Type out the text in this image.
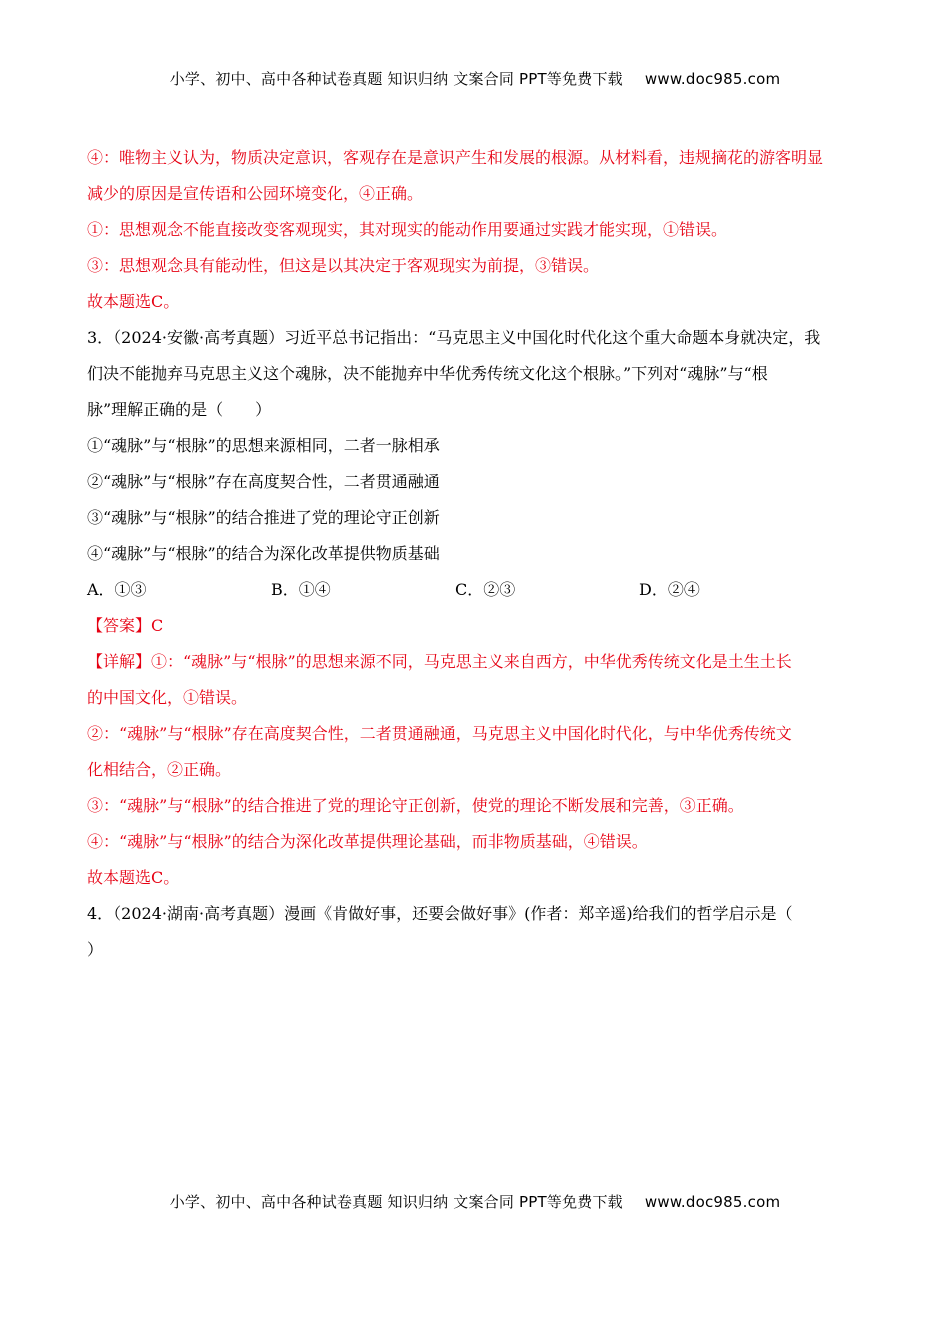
小学、初中、高中各种试卷真题 知识归纳 文案合同 PPT等免费下载 www.doc985.com
④：唯物主义认为，物质决定意识，客观存在是意识产生和发展的根源。从材料看，违规摘花的游客明显
减少的原因是宣传语和公园环境变化，④正确。
①：思想观念不能直接改变客观现实，其对现实的能动作用要通过实践才能实现，①错误。
③：思想观念具有能动性，但这是以其决定于客观现实为前提，③错误。
故本题选C。
3．（2024·安徽·高考真题）习近平总书记指出：“马克思主义中国化时代化这个重大命题本身就决定，我
们决不能抛弃马克思主义这个魂脉，决不能抛弃中华优秀传统文化这个根脉。”下列对“魂脉”与“根
脉”理解正确的是（　　）
①“魂脉”与“根脉”的思想来源相同，二者一脉相承
②“魂脉”与“根脉”存在高度契合性，二者贯通融通
③“魂脉”与“根脉”的结合推进了党的理论守正创新
④“魂脉”与“根脉”的结合为深化改革提供物质基础
A．①③	B．①④	C．②③	D．②④
【答案】C
【详解】①：“魂脉”与“根脉”的思想来源不同，马克思主义来自西方，中华优秀传统文化是土生土长
的中国文化，①错误。
②：“魂脉”与“根脉”存在高度契合性，二者贯通融通，马克思主义中国化时代化，与中华优秀传统文
化相结合，②正确。
③：“魂脉”与“根脉”的结合推进了党的理论守正创新，使党的理论不断发展和完善，③正确。
④：“魂脉”与“根脉”的结合为深化改革提供理论基础，而非物质基础，④错误。
故本题选C。
4．（2024·湖南·高考真题）漫画《肯做好事，还要会做好事》(作者：郑辛遥)给我们的哲学启示是（
）
小学、初中、高中各种试卷真题 知识归纳 文案合同 PPT等免费下载 www.doc985.com
